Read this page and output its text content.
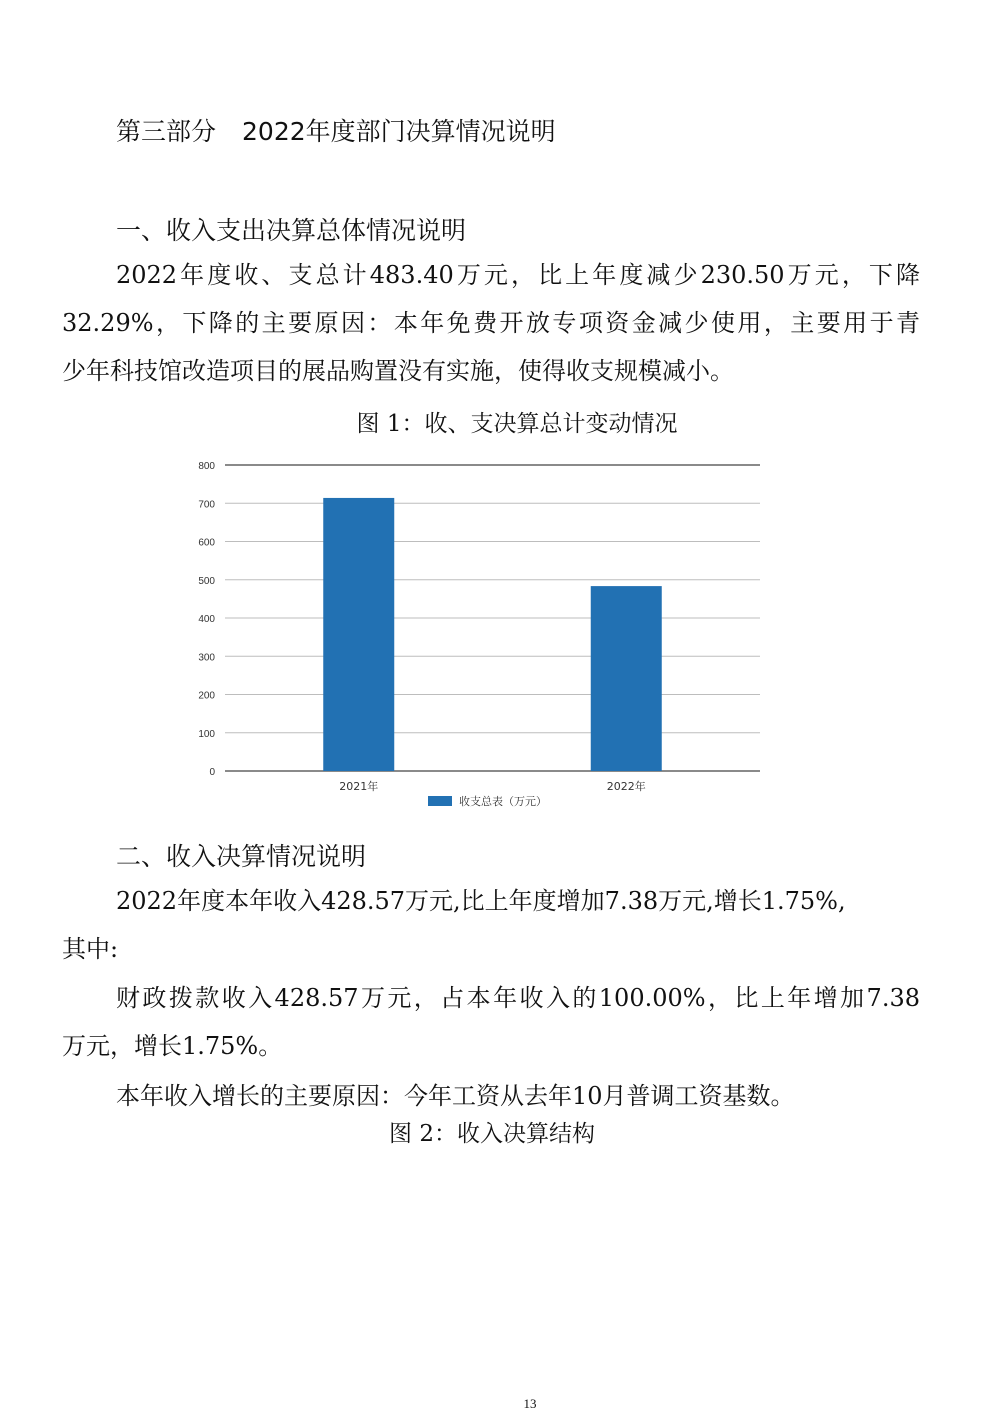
第三部分 2022年度部门决算情况说明
一、收入支出决算总体情况说明
2022年度收、支总计483.40万元，比上年度减少230.50万元，下降
32.29%，下降的主要原因：本年免费开放专项资金减少使用，主要用于青
少年科技馆改造项目的展品购置没有实施，使得收支规模减小。
图 1：收、支决算总计变动情况
0
100
200
300
400
500
600
700
800
2021年	2022年
收支总表（万元）
二、收入决算情况说明
2022年度本年收入428.57万元,比上年度增加7.38万元,增长1.75%,
其中:
财政拨款收入428.57万元，占本年收入的100.00%，比上年增加7.38
万元，增长1.75%。
本年收入增长的主要原因：今年工资从去年10月普调工资基数。
图 2：收入决算结构
13
